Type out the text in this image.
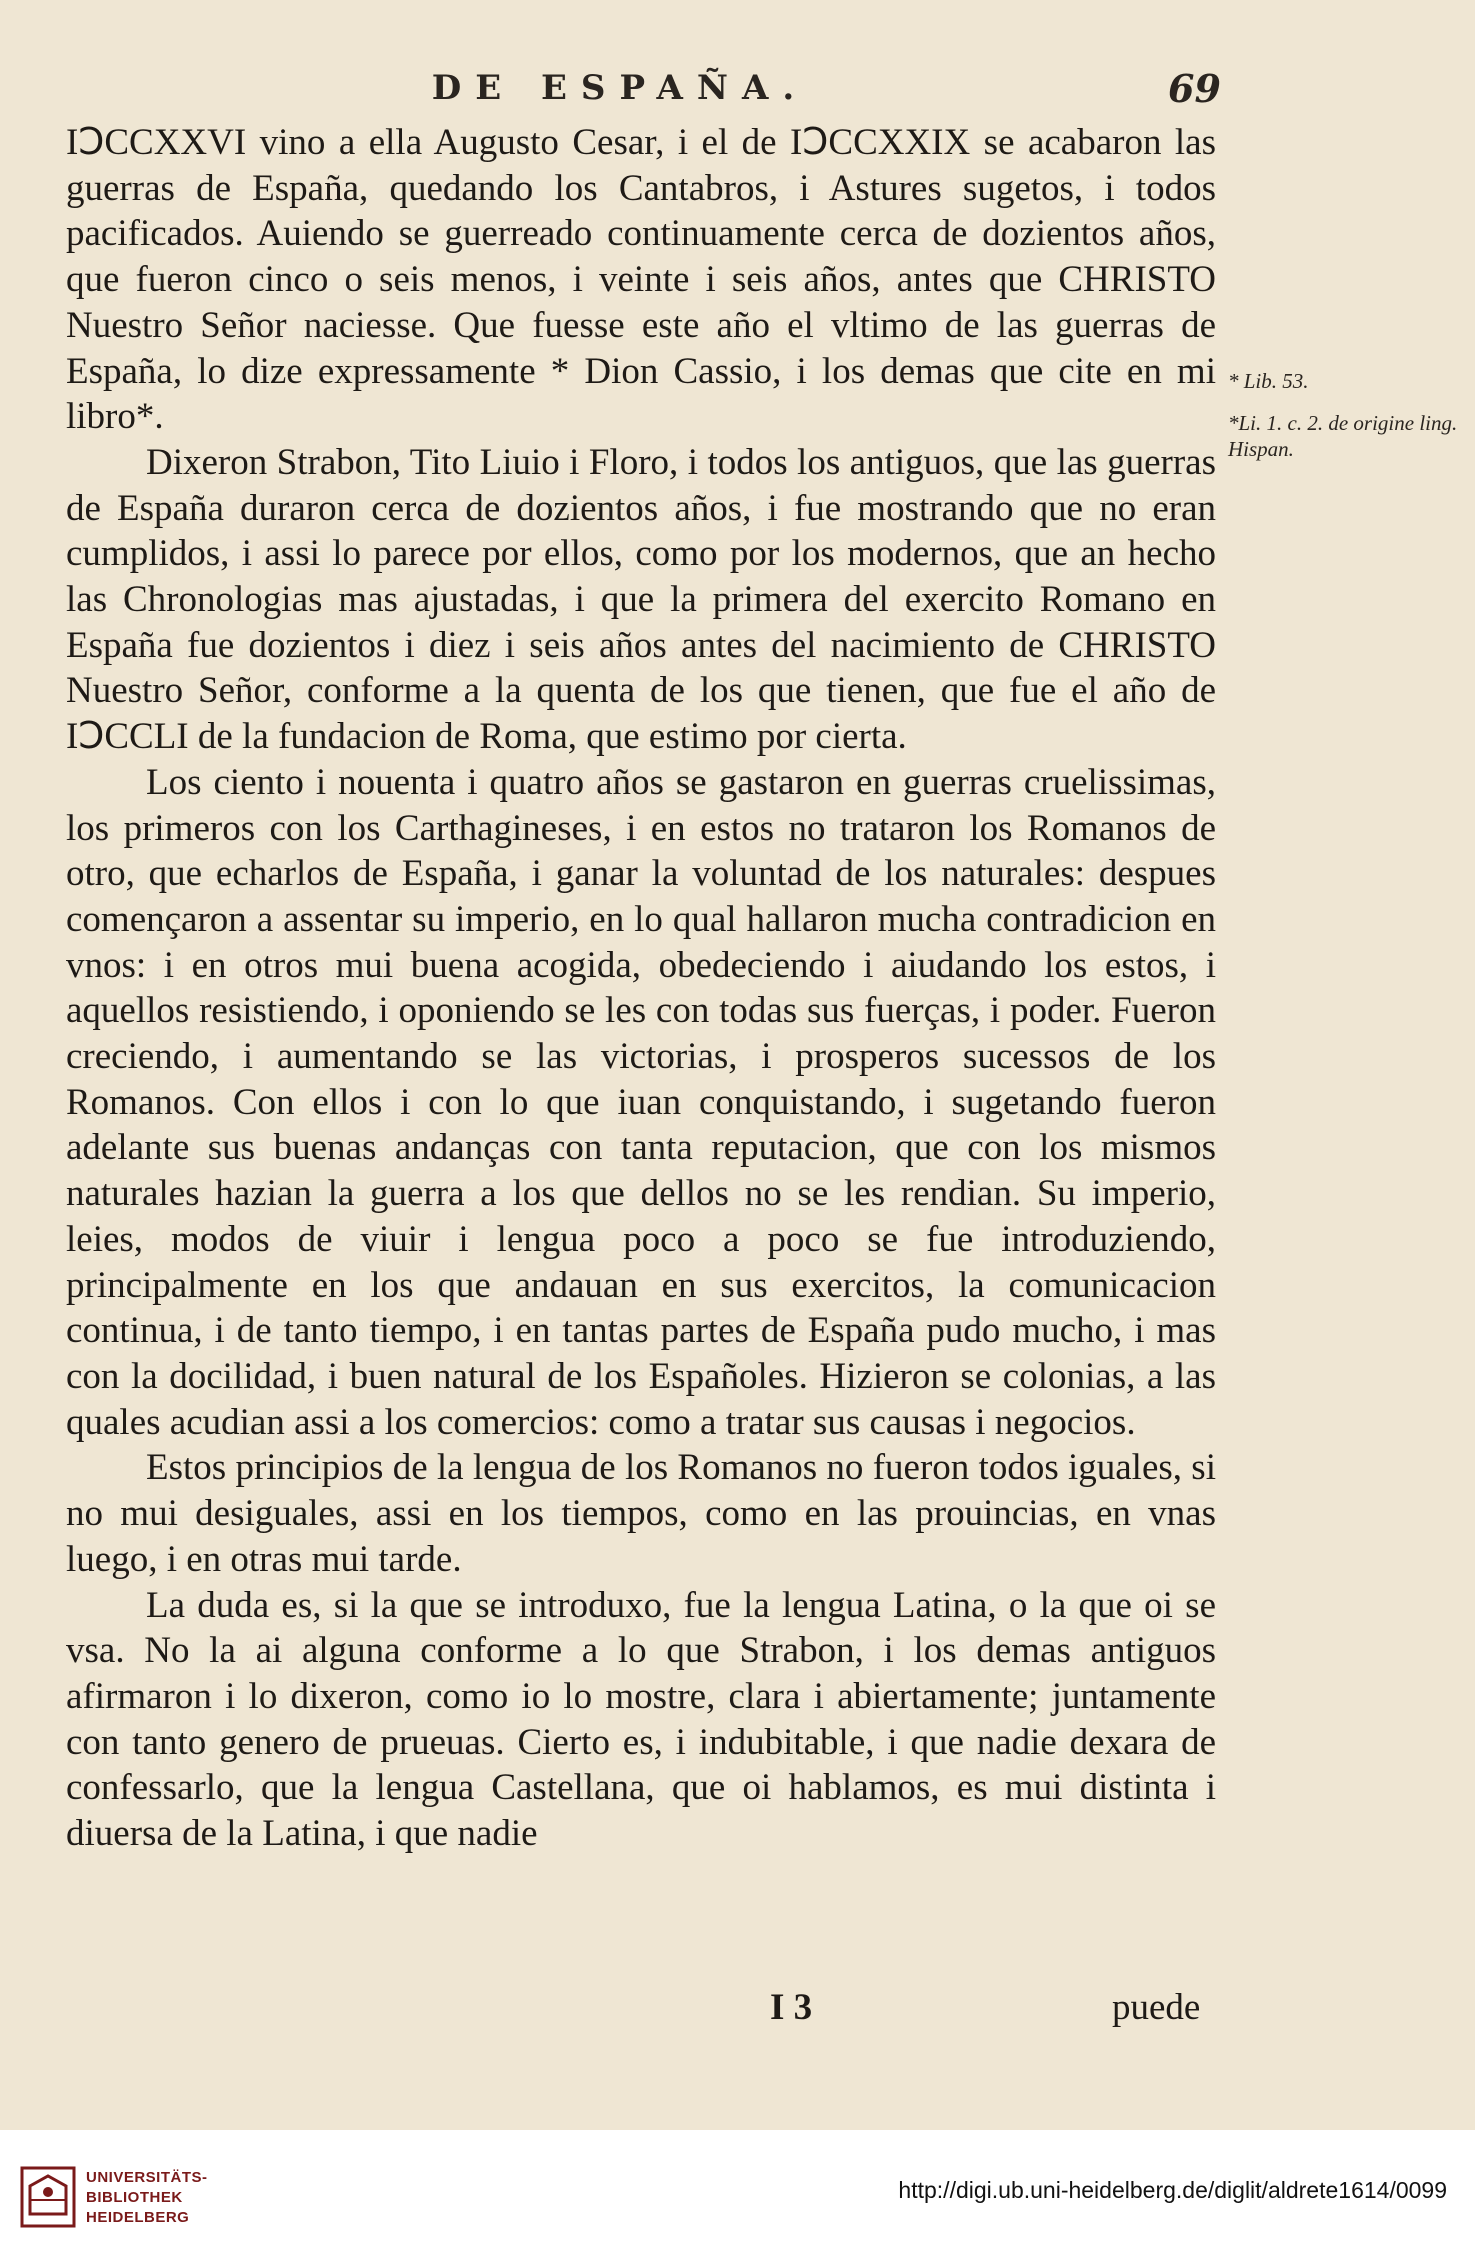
DE ESPAÑA.	69

IↃCCXXVI vino a ella Augusto Cesar, i el de IↃCCXXIX se acabaron las guerras de España, quedando los Cantabros, i Astures sugetos, i todos pacificados. Auiendo se guerreado continuamente cerca de dozientos años, que fueron cinco o seis menos, i veinte i seis años, antes que CHRISTO Nuestro Señor naciesse. Que fuesse este año el vltimo de las guerras de España, lo dize expressamente * Dion Cassio, i los demas que cite en mi libro*.

Dixeron Strabon, Tito Liuio i Floro, i todos los antiguos, que las guerras de España duraron cerca de dozientos años, i fue mostrando que no eran cumplidos, i assi lo parece por ellos, como por los modernos, que an hecho las Chronologias mas ajustadas, i que la primera del exercito Romano en España fue dozientos i diez i seis años antes del nacimiento de CHRISTO Nuestro Señor, conforme a la quenta de los que tienen, que fue el año de IↃCCLI de la fundacion de Roma, que estimo por cierta.

Los ciento i nouenta i quatro años se gastaron en guerras cruelissimas, los primeros con los Carthagineses, i en estos no trataron los Romanos de otro, que echarlos de España, i ganar la voluntad de los naturales: despues començaron a assentar su imperio, en lo qual hallaron mucha contradicion en vnos: i en otros mui buena acogida, obedeciendo i aiudando los estos, i aquellos resistiendo, i oponiendo se les con todas sus fuerças, i poder. Fueron creciendo, i aumentando se las victorias, i prosperos sucessos de los Romanos. Con ellos i con lo que iuan conquistando, i sugetando fueron adelante sus buenas andanças con tanta reputacion, que con los mismos naturales hazian la guerra a los que dellos no se les rendian. Su imperio, leies, modos de viuir i lengua poco a poco se fue introduziendo, principalmente en los que andauan en sus exercitos, la comunicacion continua, i de tanto tiempo, i en tantas partes de España pudo mucho, i mas con la docilidad, i buen natural de los Españoles. Hizieron se colonias, a las quales acudian assi a los comercios: como a tratar sus causas i negocios.

Estos principios de la lengua de los Romanos no fueron todos iguales, si no mui desiguales, assi en los tiempos, como en las prouincias, en vnas luego, i en otras mui tarde.

La duda es, si la que se introduxo, fue la lengua Latina, o la que oi se vsa. No la ai alguna conforme a lo que Strabon, i los demas antiguos afirmaron i lo dixeron, como io lo mostre, clara i abiertamente; juntamente con tanto genero de prueuas. Cierto es, i indubitable, i que nadie dexara de confessarlo, que la lengua Castellana, que oi hablamos, es mui distinta i diuersa de la Latina, i que nadie

* Lib. 53.
*Li. 1. c. 2. de origine ling. Hispan.
I 3	puede
UNIVERSITÄTS-
BIBLIOTHEK
HEIDELBERG
http://digi.ub.uni-heidelberg.de/diglit/aldrete1614/0099
